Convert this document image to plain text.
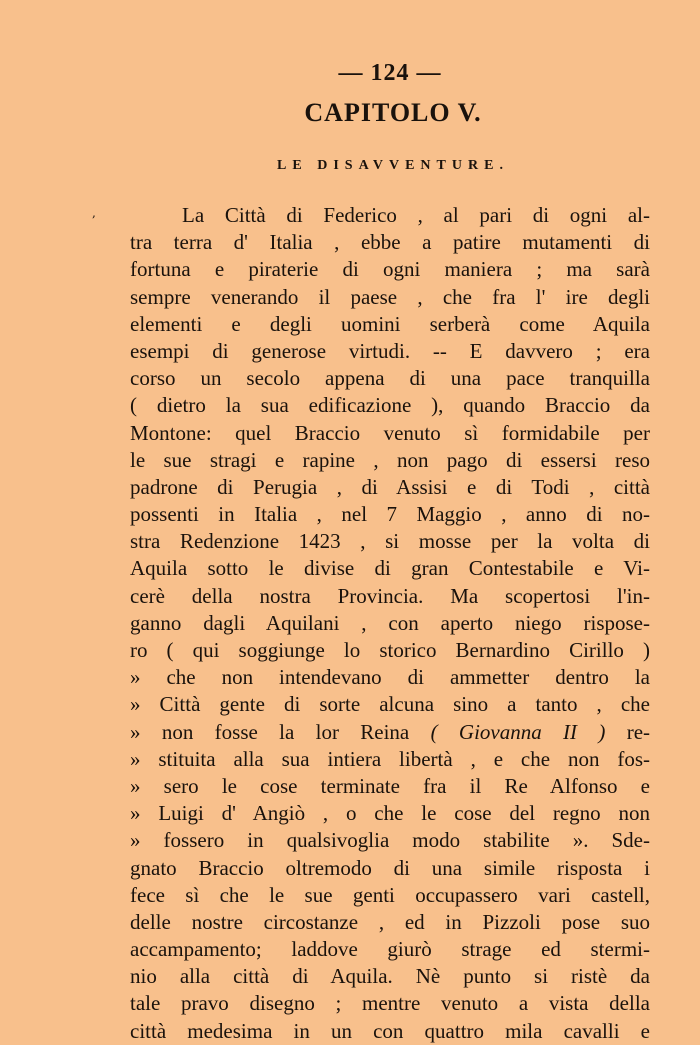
— 124 —
CAPITOLO V.
LE DISAVVENTURE.
,	La Città di Federico , al pari di ogni al-
tra terra d' Italia , ebbe a patire mutamenti di
fortuna e piraterie di ogni maniera ; ma sarà
sempre venerando il paese , che fra l' ire degli
elementi e degli uomini serberà come Aquila
esempi di generose virtudi. -- E davvero ; era
corso un secolo appena di una pace tranquilla
( dietro la sua edificazione ), quando Braccio da
Montone: quel Braccio venuto sì formidabile per
le sue stragi e rapine , non pago di essersi reso
padrone di Perugia , di Assisi e di Todi , città
possenti in Italia , nel 7 Maggio , anno di no-
stra Redenzione 1423 , si mosse per la volta di
Aquila sotto le divise di gran Contestabile e Vi-
cerè della nostra Provincia. Ma scopertosi l'in-
ganno dagli Aquilani , con aperto niego rispose-
ro ( qui soggiunge lo storico Bernardino Cirillo )
» che non intendevano di ammetter dentro la
» Città gente di sorte alcuna sino a tanto , che
» non fosse la lor Reina ( Giovanna II ) re-
» stituita alla sua intiera libertà , e che non fos-
» sero le cose terminate fra il Re Alfonso e
» Luigi d' Angiò , o che le cose del regno non
» fossero in qualsivoglia modo stabilite ». Sde-
gnato Braccio oltremodo di una simile risposta i
fece sì che le sue genti occupassero vari castell,
delle nostre circostanze , ed in Pizzoli pose suo
accampamento; laddove giurò strage ed stermi-
nio alla città di Aquila. Nè punto si ristè da
tale pravo disegno ; mentre venuto a vista della
città medesima in un con quattro mila cavalli e
